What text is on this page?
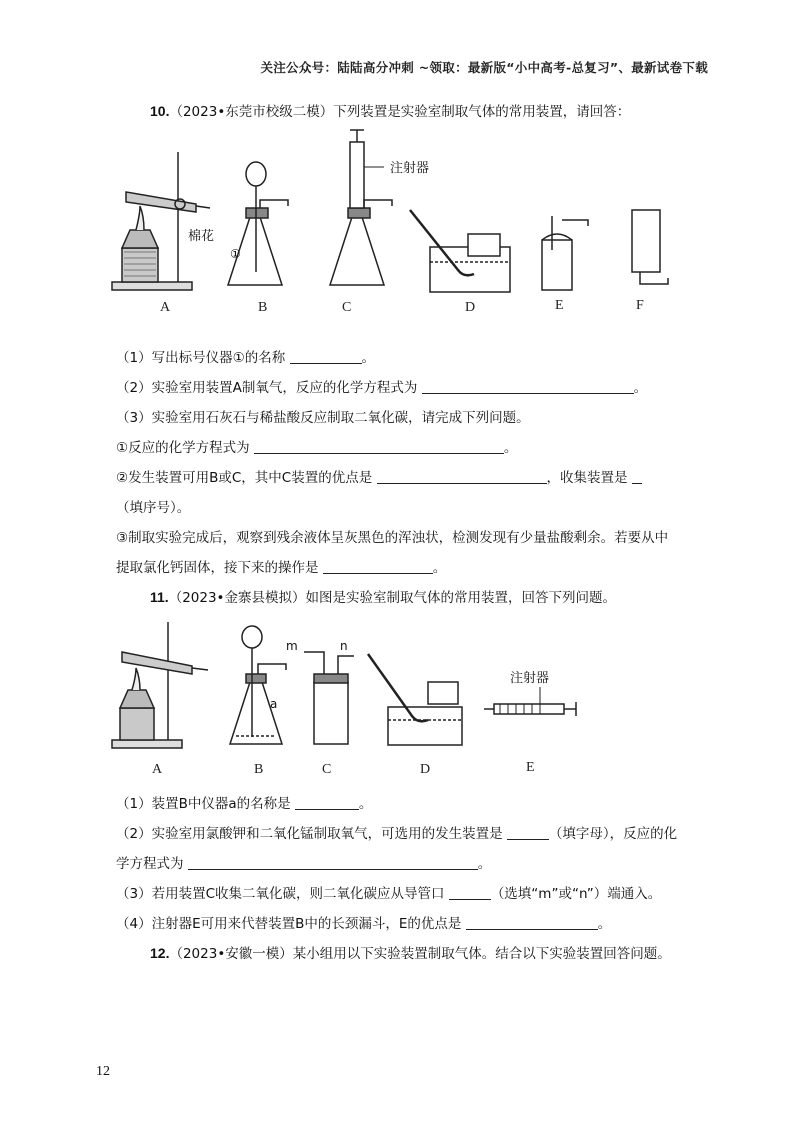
关注公众号：陆陆高分冲刺 ~领取：最新版“小中高考-总复习”、最新试卷下载
10.（2023•东莞市校级二模）下列装置是实验室制取气体的常用装置，请回答：
棉花
注射器
①
A	B	C	D	E	F
（1）写出标号仪器①的名称	。
（2）实验室用装置A制氧气，反应的化学方程式为	。
（3）实验室用石灰石与稀盐酸反应制取二氧化碳，请完成下列问题。
①反应的化学方程式为	。
②发生装置可用B或C，其中C装置的优点是	，收集装置是
（填序号）。
③制取实验完成后，观察到残余液体呈灰黑色的浑浊状，检测发现有少量盐酸剩余。若要从中
提取氯化钙固体，接下来的操作是	。
11.（2023•金寨县模拟）如图是实验室制取气体的常用装置，回答下列问题。
a
m	n
注射器
A	B	C	D	E
（1）装置B中仪器a的名称是	。
（2）实验室用氯酸钾和二氧化锰制取氧气，可选用的发生装置是	（填字母），反应的化
学方程式为	。
（3）若用装置C收集二氧化碳，则二氧化碳应从导管口	（选填“m”或“n”）端通入。
（4）注射器E可用来代替装置B中的长颈漏斗，E的优点是	。
12.（2023•安徽一模）某小组用以下实验装置制取气体。结合以下实验装置回答问题。
12
